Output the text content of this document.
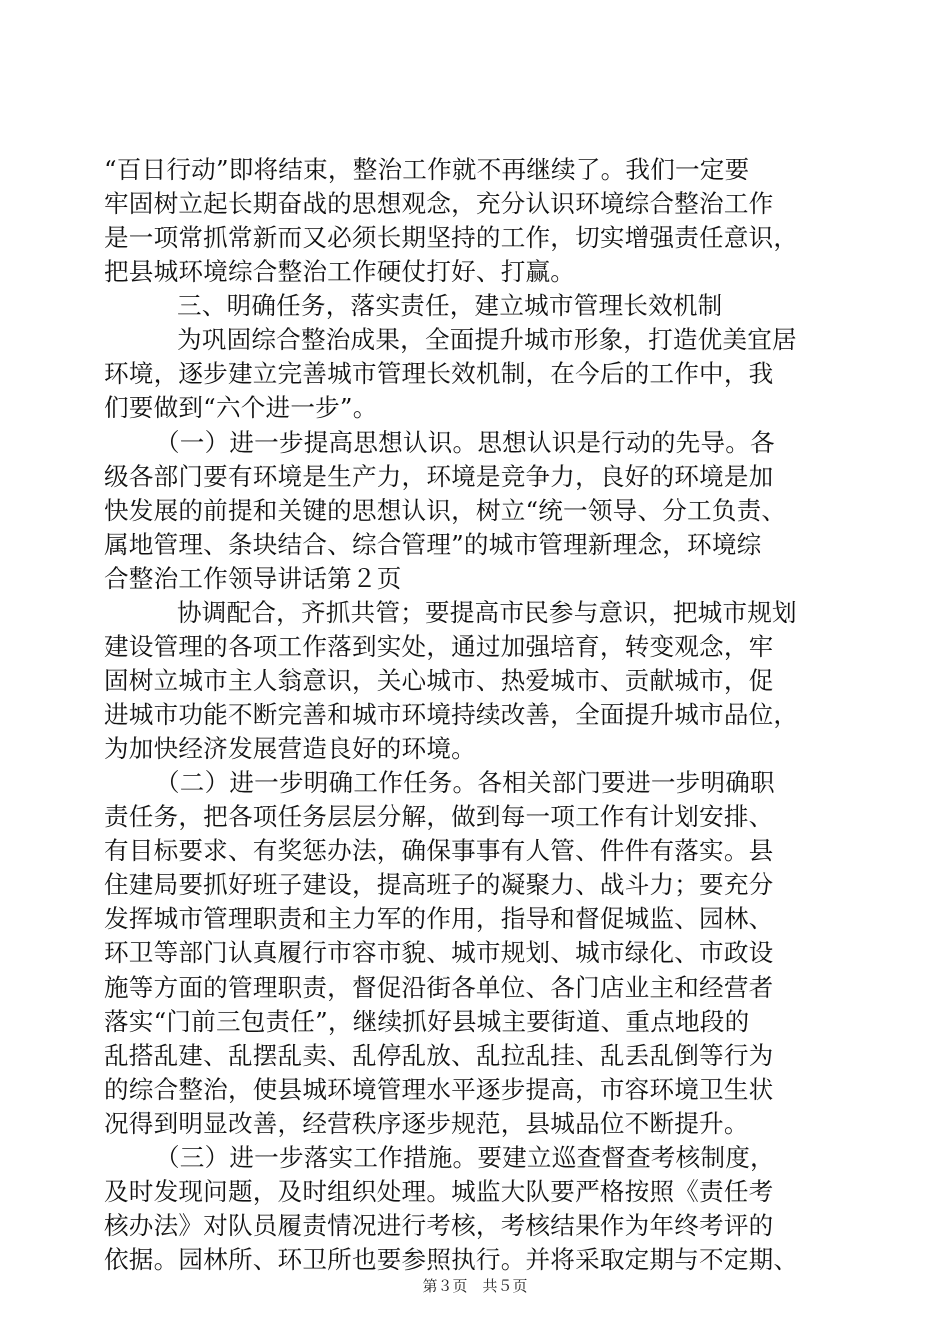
“百日行动”即将结束，整治工作就不再继续了。我们一定要
牢固树立起长期奋战的思想观念，充分认识环境综合整治工作
是一项常抓常新而又必须长期坚持的工作，切实增强责任意识，
把县城环境综合整治工作硬仗打好、打赢。
三、明确任务，落实责任，建立城市管理长效机制
为巩固综合整治成果，全面提升城市形象，打造优美宜居
环境，逐步建立完善城市管理长效机制，在今后的工作中，我
们要做到“六个进一步”。
（一）进一步提高思想认识。思想认识是行动的先导。各
级各部门要有环境是生产力，环境是竞争力，良好的环境是加
快发展的前提和关键的思想认识，树立“统一领导、分工负责、
属地管理、条块结合、综合管理”的城市管理新理念，环境综
合整治工作领导讲话第２页
协调配合，齐抓共管；要提高市民参与意识，把城市规划
建设管理的各项工作落到实处，通过加强培育，转变观念，牢
固树立城市主人翁意识，关心城市、热爱城市、贡献城市，促
进城市功能不断完善和城市环境持续改善，全面提升城市品位，
为加快经济发展营造良好的环境。
（二）进一步明确工作任务。各相关部门要进一步明确职
责任务，把各项任务层层分解，做到每一项工作有计划安排、
有目标要求、有奖惩办法，确保事事有人管、件件有落实。县
住建局要抓好班子建设，提高班子的凝聚力、战斗力；要充分
发挥城市管理职责和主力军的作用，指导和督促城监、园林、
环卫等部门认真履行市容市貌、城市规划、城市绿化、市政设
施等方面的管理职责，督促沿街各单位、各门店业主和经营者
落实“门前三包责任”，继续抓好县城主要街道、重点地段的
乱搭乱建、乱摆乱卖、乱停乱放、乱拉乱挂、乱丢乱倒等行为
的综合整治，使县城环境管理水平逐步提高，市容环境卫生状
况得到明显改善，经营秩序逐步规范，县城品位不断提升。
（三）进一步落实工作措施。要建立巡查督查考核制度，
及时发现问题，及时组织处理。城监大队要严格按照《责任考
核办法》对队员履责情况进行考核，考核结果作为年终考评的
依据。园林所、环卫所也要参照执行。并将采取定期与不定期、
第３页　共５页
